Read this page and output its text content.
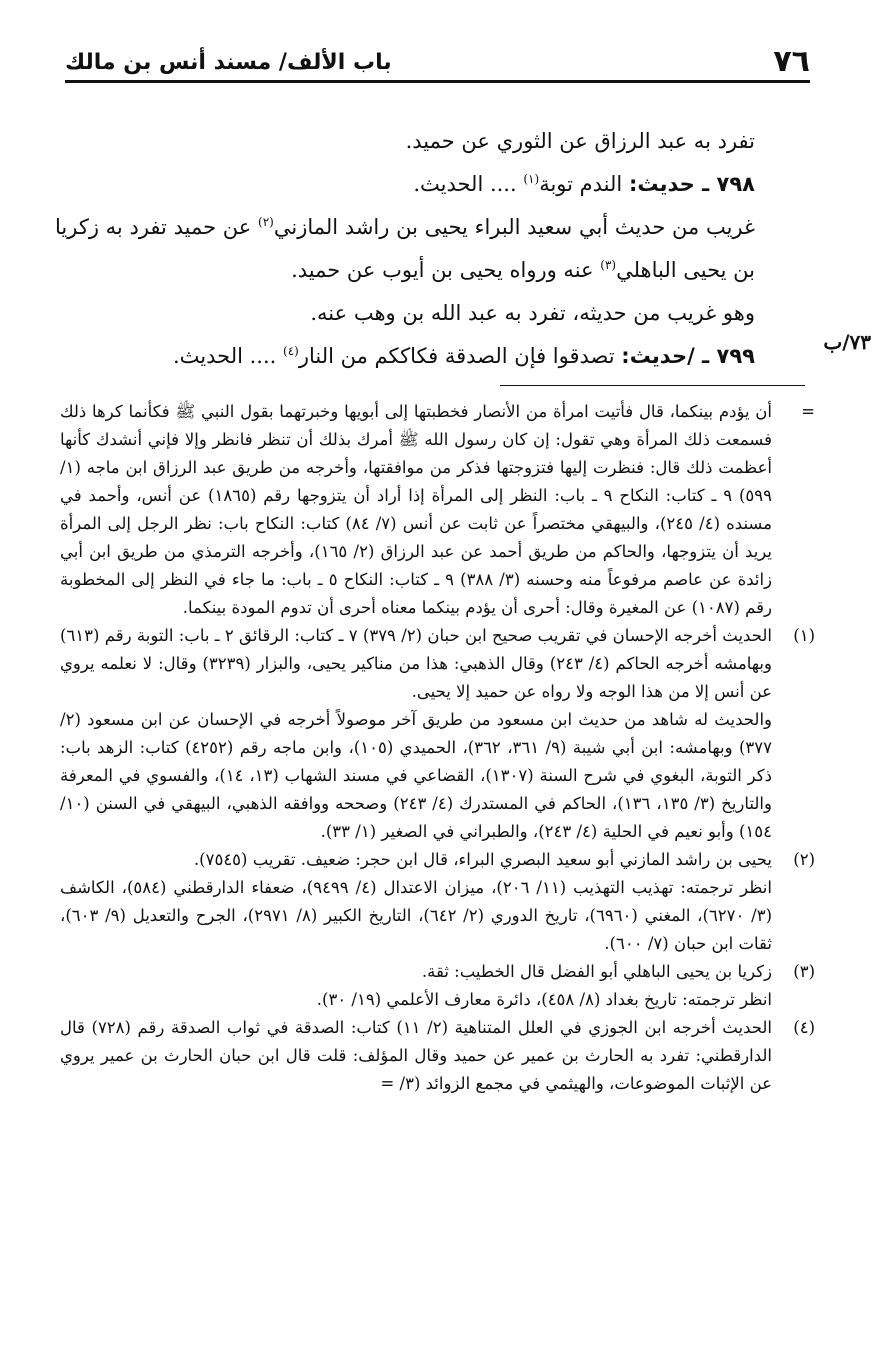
٧٦
باب الألف/ مسند أنس بن مالك

تفرد به عبد الرزاق عن الثوري عن حميد.

٧٩٨ ـ حديث: الندم توبة$^{(١)}$ .... الحديث.

غريب من حديث أبي سعيد البراء يحيى بن راشد المازني$^{(٢)}$ عن حميد تفرد به زكريا بن يحيى الباهلي$^{(٣)}$ عنه ورواه يحيى بن أيوب عن حميد.

وهو غريب من حديثه، تفرد به عبد الله بن وهب عنه.

٧٩٩ ـ /حديث: تصدقوا فإن الصدقة فكاككم من النار$^{(٤)}$ .... الحديث.

٧٣/ب
=

أن يؤدم بينكما، قال فأتيت امرأة من الأنصار فخطبتها إلى أبويها وخبرتهما بقول النبي ﷺ فكأنما كرها ذلك فسمعت ذلك المرأة وهي تقول: إن كان رسول الله ﷺ أمرك بذلك أن تنظر فانظر وإلا فإني أنشدك كأنها أعظمت ذلك قال: فنظرت إليها فتزوجتها فذكر من موافقتها، وأخرجه من طريق عبد الرزاق ابن ماجه (١/ ٥٩٩) ٩ ـ كتاب: النكاح ٩ ـ باب: النظر إلى المرأة إذا أراد أن يتزوجها رقم (١٨٦٥) عن أنس، وأحمد في مسنده (٤/ ٢٤٥)، والبيهقي مختصراً عن ثابت عن أنس (٧/ ٨٤) كتاب: النكاح باب: نظر الرجل إلى المرأة يريد أن يتزوجها، والحاكم من طريق أحمد عن عبد الرزاق (٢/ ١٦٥)، وأخرجه الترمذي من طريق ابن أبي زائدة عن عاصم مرفوعاً منه وحسنه (٣/ ٣٨٨) ٩ ـ كتاب: النكاح ٥ ـ باب: ما جاء في النظر إلى المخطوبة رقم (١٠٨٧) عن المغيرة وقال: أحرى أن يؤدم بينكما معناه أحرى أن تدوم المودة بينكما.

(١)

الحديث أخرجه الإحسان في تقريب صحيح ابن حبان (٢/ ٣٧٩) ٧ ـ كتاب: الرقائق ٢ ـ باب: التوبة رقم (٦١٣) وبهامشه أخرجه الحاكم (٤/ ٢٤٣) وقال الذهبي: هذا من مناكير يحيى، والبزار (٣٢٣٩) وقال: لا نعلمه يروي عن أنس إلا من هذا الوجه ولا رواه عن حميد إلا يحيى.

والحديث له شاهد من حديث ابن مسعود من طريق آخر موصولاً أخرجه في الإحسان عن ابن مسعود (٢/ ٣٧٧) وبهامشه: ابن أبي شيبة (٩/ ٣٦١، ٣٦٢)، الحميدي (١٠٥)، وابن ماجه رقم (٤٢٥٢) كتاب: الزهد باب: ذكر التوبة، البغوي في شرح السنة (١٣٠٧)، القضاعي في مسند الشهاب (١٣، ١٤)، والفسوي في المعرفة والتاريخ (٣/ ١٣٥، ١٣٦)، الحاكم في المستدرك (٤/ ٢٤٣) وصححه ووافقه الذهبي، البيهقي في السنن (١٠/ ١٥٤) وأبو نعيم في الحلية (٤/ ٢٤٣)، والطبراني في الصغير (١/ ٣٣).

(٢)

يحيى بن راشد المازني أبو سعيد البصري البراء، قال ابن حجر: ضعيف. تقريب (٧٥٤٥).

انظر ترجمته: تهذيب التهذيب (١١/ ٢٠٦)، ميزان الاعتدال (٤/ ٩٤٩٩)، ضعفاء الدارقطني (٥٨٤)، الكاشف (٣/ ٦٢٧٠)، المغني (٦٩٦٠)، تاريخ الدوري (٢/ ٦٤٢)، التاريخ الكبير (٨/ ٢٩٧١)، الجرح والتعديل (٩/ ٦٠٣)، ثقات ابن حبان (٧/ ٦٠٠).

(٣)

زكريا بن يحيى الباهلي أبو الفضل قال الخطيب: ثقة.

انظر ترجمته: تاريخ بغداد (٨/ ٤٥٨)، دائرة معارف الأعلمي (١٩/ ٣٠).

(٤)

الحديث أخرجه ابن الجوزي في العلل المتناهية (٢/ ١١) كتاب: الصدقة في ثواب الصدقة رقم (٧٢٨) قال الدارقطني: تفرد به الحارث بن عمير عن حميد وقال المؤلف: قلت قال ابن حبان الحارث بن عمير يروي عن الإثبات الموضوعات، والهيثمي في مجمع الزوائد (٣/ =
